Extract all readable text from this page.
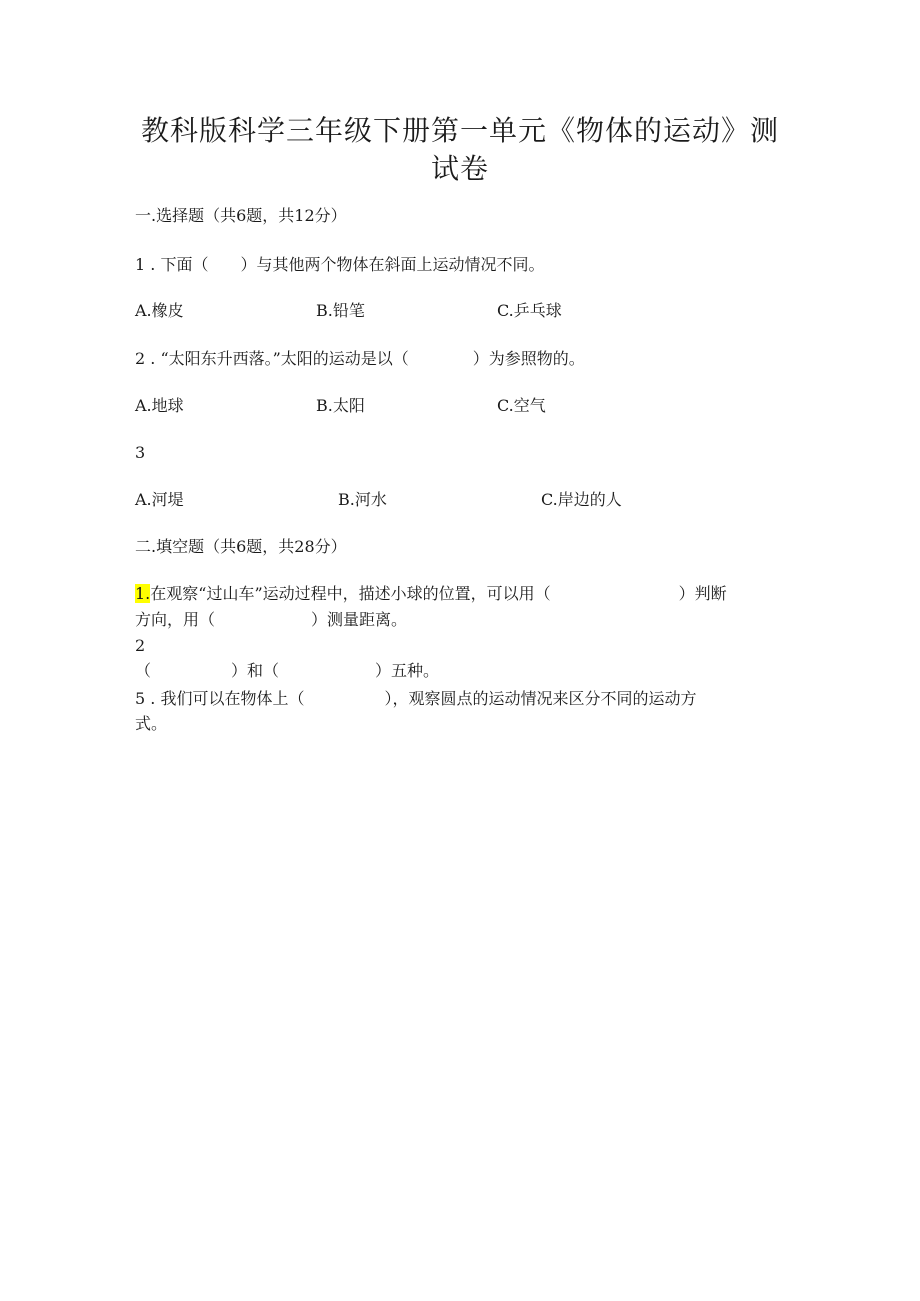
教科版科学三年级下册第一单元《物体的运动》测
试卷
一.选择题（共6题，共12分）
1 . 下面（　　）与其他两个物体在斜面上运动情况不同。
A.橡皮	B.铅笔	C.乒乓球
2 . “太阳东升西落。”太阳的运动是以（　　　　）为参照物的。
A.地球	B.太阳	C.空气
3
A.河堤	B.河水	C.岸边的人
二.填空题（共6题，共28分）
1.在观察“过山车”运动过程中，描述小球的位置，可以用（　　　　　　　　）判断
方向，用（　　　　　　）测量距离。
2
（　　　　　）和（　　　　　　）五种。
5 . 我们可以在物体上（　　　　　），观察圆点的运动情况来区分不同的运动方
式。
